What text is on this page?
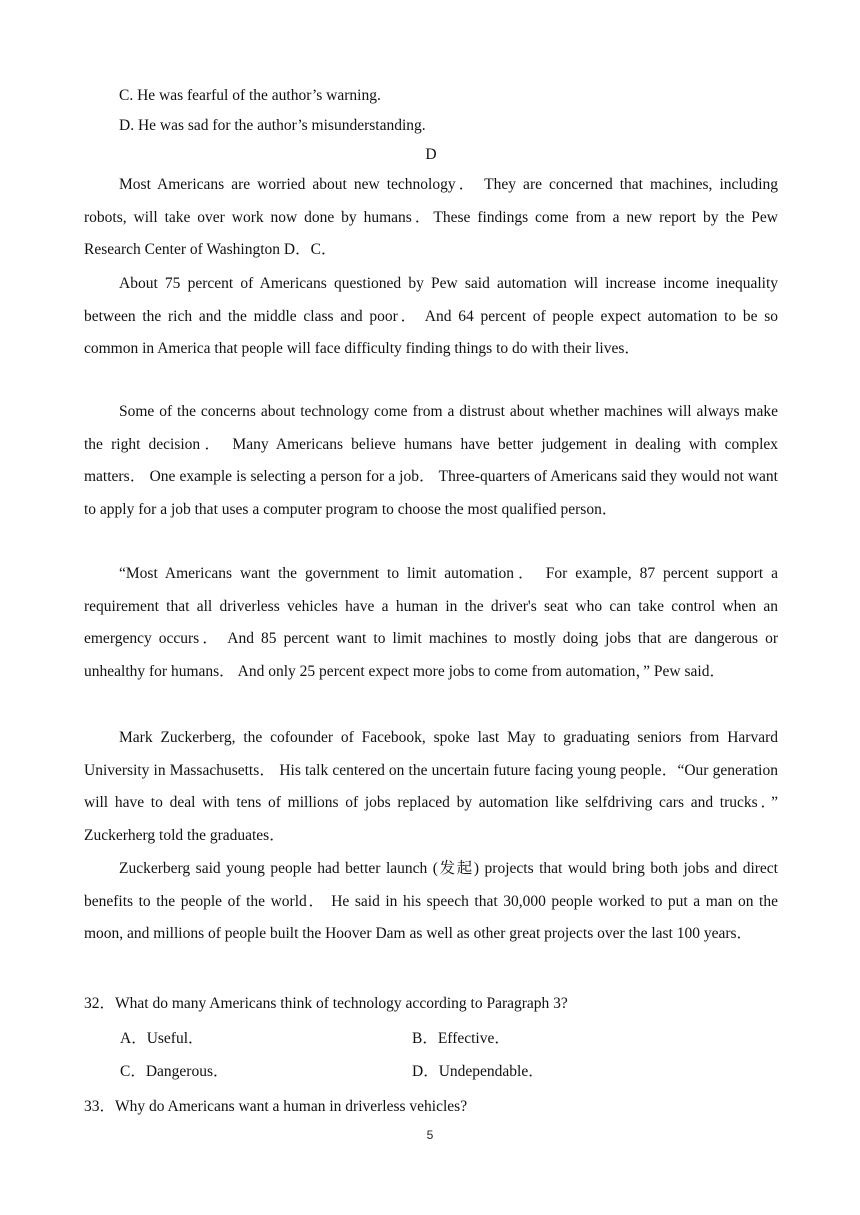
C. He was fearful of the author’s warning.
D. He was sad for the author’s misunderstanding.
D

Most Americans are worried about new technology． They are concerned that machines, including robots, will take over work now done by humans．These findings come from a new report by the Pew Research Center of Washington D．C．

About 75 percent of Americans questioned by Pew said automation will increase income inequality between the rich and the middle class and poor． And 64 percent of people expect automation to be so common in America that people will face difficulty finding things to do with their lives．

Some of the concerns about technology come from a distrust about whether machines will always make the right decision． Many Americans believe humans have better judgement in dealing with complex matters． One example is selecting a person for a job． Three-quarters of Americans said they would not want to apply for a job that uses a computer program to choose the most qualified person．

“Most Americans want the government to limit automation． For example, 87 percent support a requirement that all driverless vehicles have a human in the driver's seat who can take control when an emergency occurs． And 85 percent want to limit machines to mostly doing jobs that are dangerous or unhealthy for humans． And only 25 percent expect more jobs to come from automation，” Pew said．

Mark Zuckerberg, the cofounder of Facebook, spoke last May to graduating seniors from Harvard University in Massachusetts． His talk centered on the uncertain future facing young people．“Our generation will have to deal with tens of millions of jobs replaced by automation like selfdriving cars and trucks．” Zuckerherg told the graduates．

Zuckerberg said young people had better launch (发起) projects that would bring both jobs and direct benefits to the people of the world． He said in his speech that 30,000 people worked to put a man on the moon, and millions of people built the Hoover Dam as well as other great projects over the last 100 years．

32．What do many Americans think of technology according to Paragraph 3?
A．Useful．	B．Effective．
C．Dangerous．	D．Undependable．
33．Why do Americans want a human in driverless vehicles?
5
